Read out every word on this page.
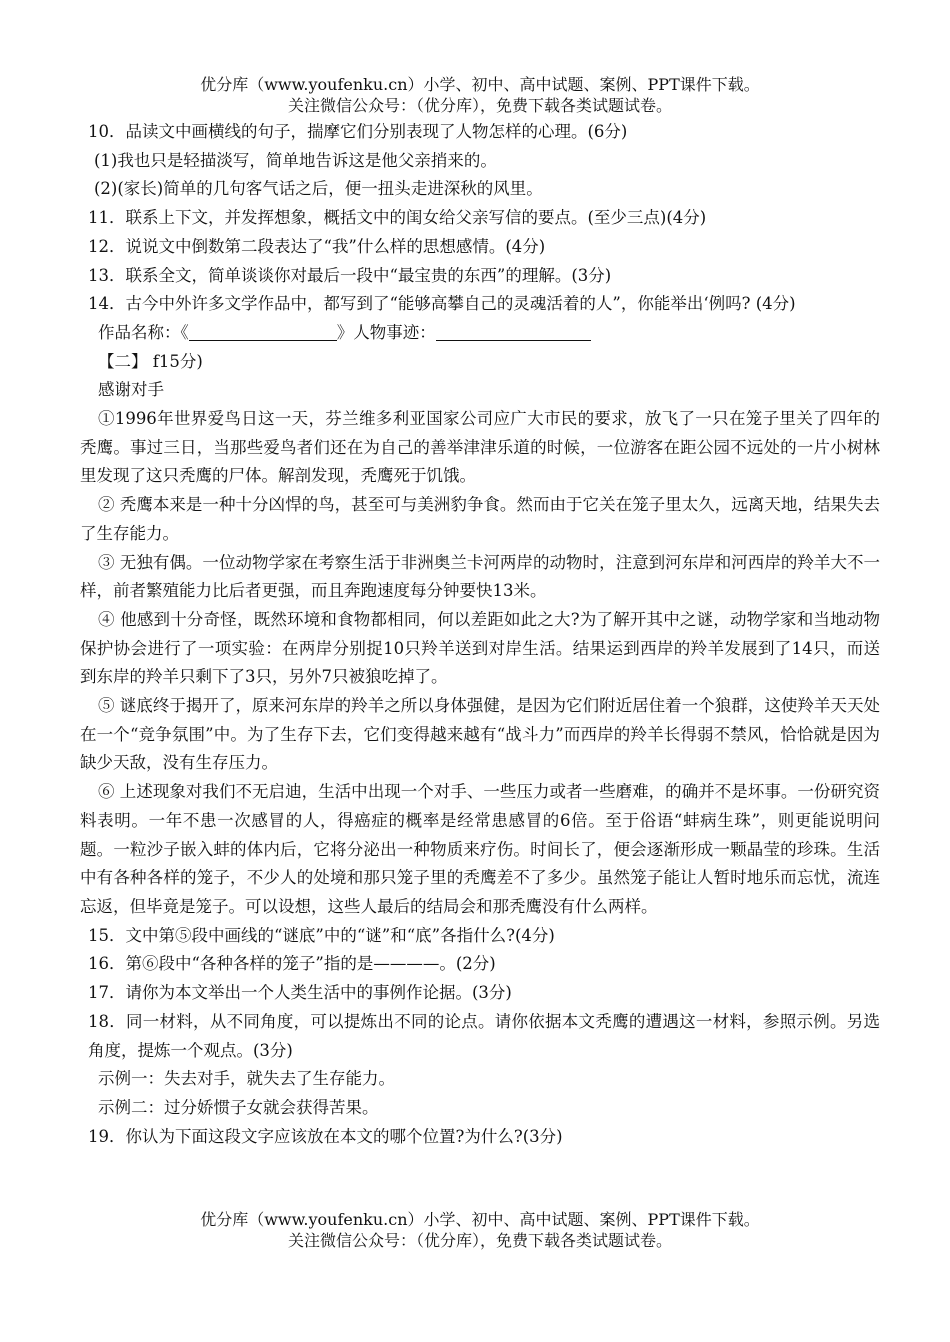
优分库（www.youfenku.cn）小学、初中、高中试题、案例、PPT课件下载。
关注微信公众号：（优分库），免费下载各类试题试卷。
10．品读文中画横线的句子，揣摩它们分别表现了人物怎样的心理。(6分)
(1)我也只是轻描淡写，简单地告诉这是他父亲捎来的。
(2)(家长)简单的几句客气话之后，便一扭头走进深秋的风里。
11．联系上下文，并发挥想象，概括文中的闺女给父亲写信的要点。(至少三点)(4分)
12．说说文中倒数第二段表达了“我”什么样的思想感情。(4分)
13．联系全文，简单谈谈你对最后一段中“最宝贵的东西”的理解。(3分)
14．古今中外许多文学作品中，都写到了“能够高攀自己的灵魂活着的人”，你能举出‘例吗? (4分)
作品名称：《	》人物事迹：
【二】 f15分)
感谢对手
①1996年世界爱鸟日这一天，芬兰维多利亚国家公司应广大市民的要求，放飞了一只在笼子里关了四年的秃鹰。事过三日，当那些爱鸟者们还在为自己的善举津津乐道的时候，一位游客在距公园不远处的一片小树林里发现了这只秃鹰的尸体。解剖发现，秃鹰死于饥饿。
② 秃鹰本来是一种十分凶悍的鸟，甚至可与美洲豹争食。然而由于它关在笼子里太久，远离天地，结果失去了生存能力。
③ 无独有偶。一位动物学家在考察生活于非洲奥兰卡河两岸的动物时，注意到河东岸和河西岸的羚羊大不一样，前者繁殖能力比后者更强，而且奔跑速度每分钟要快13米。
④ 他感到十分奇怪，既然环境和食物都相同，何以差距如此之大?为了解开其中之谜，动物学家和当地动物保护协会进行了一项实验：在两岸分别捉10只羚羊送到对岸生活。结果运到西岸的羚羊发展到了14只，而送到东岸的羚羊只剩下了3只，另外7只被狼吃掉了。
⑤ 谜底终于揭开了，原来河东岸的羚羊之所以身体强健，是因为它们附近居住着一个狼群，这使羚羊天天处在一个“竞争氛围”中。为了生存下去，它们变得越来越有“战斗力”而西岸的羚羊长得弱不禁风，恰恰就是因为缺少天敌，没有生存压力。
⑥ 上述现象对我们不无启迪，生活中出现一个对手、一些压力或者一些磨难，的确并不是坏事。一份研究资料表明。一年不患一次感冒的人，得癌症的概率是经常患感冒的6倍。至于俗语“蚌病生珠”，则更能说明问题。一粒沙子嵌入蚌的体内后，它将分泌出一种物质来疗伤。时间长了，便会逐渐形成一颗晶莹的珍珠。生活中有各种各样的笼子，不少人的处境和那只笼子里的秃鹰差不了多少。虽然笼子能让人暂时地乐而忘忧，流连忘返，但毕竟是笼子。可以设想，这些人最后的结局会和那秃鹰没有什么两样。
15．文中第⑤段中画线的“谜底”中的“谜”和“底”各指什么?(4分)
16．第⑥段中“各种各样的笼子”指的是————。(2分)
17．请你为本文举出一个人类生活中的事例作论据。(3分)
18．同一材料，从不同角度，可以提炼出不同的论点。请你依据本文秃鹰的遭遇这一材料，参照示例。另选角度，提炼一个观点。(3分)
示例一：失去对手，就失去了生存能力。
示例二：过分娇惯子女就会获得苦果。
19．你认为下面这段文字应该放在本文的哪个位置?为什么?(3分)
优分库（www.youfenku.cn）小学、初中、高中试题、案例、PPT课件下载。
关注微信公众号：（优分库），免费下载各类试题试卷。
